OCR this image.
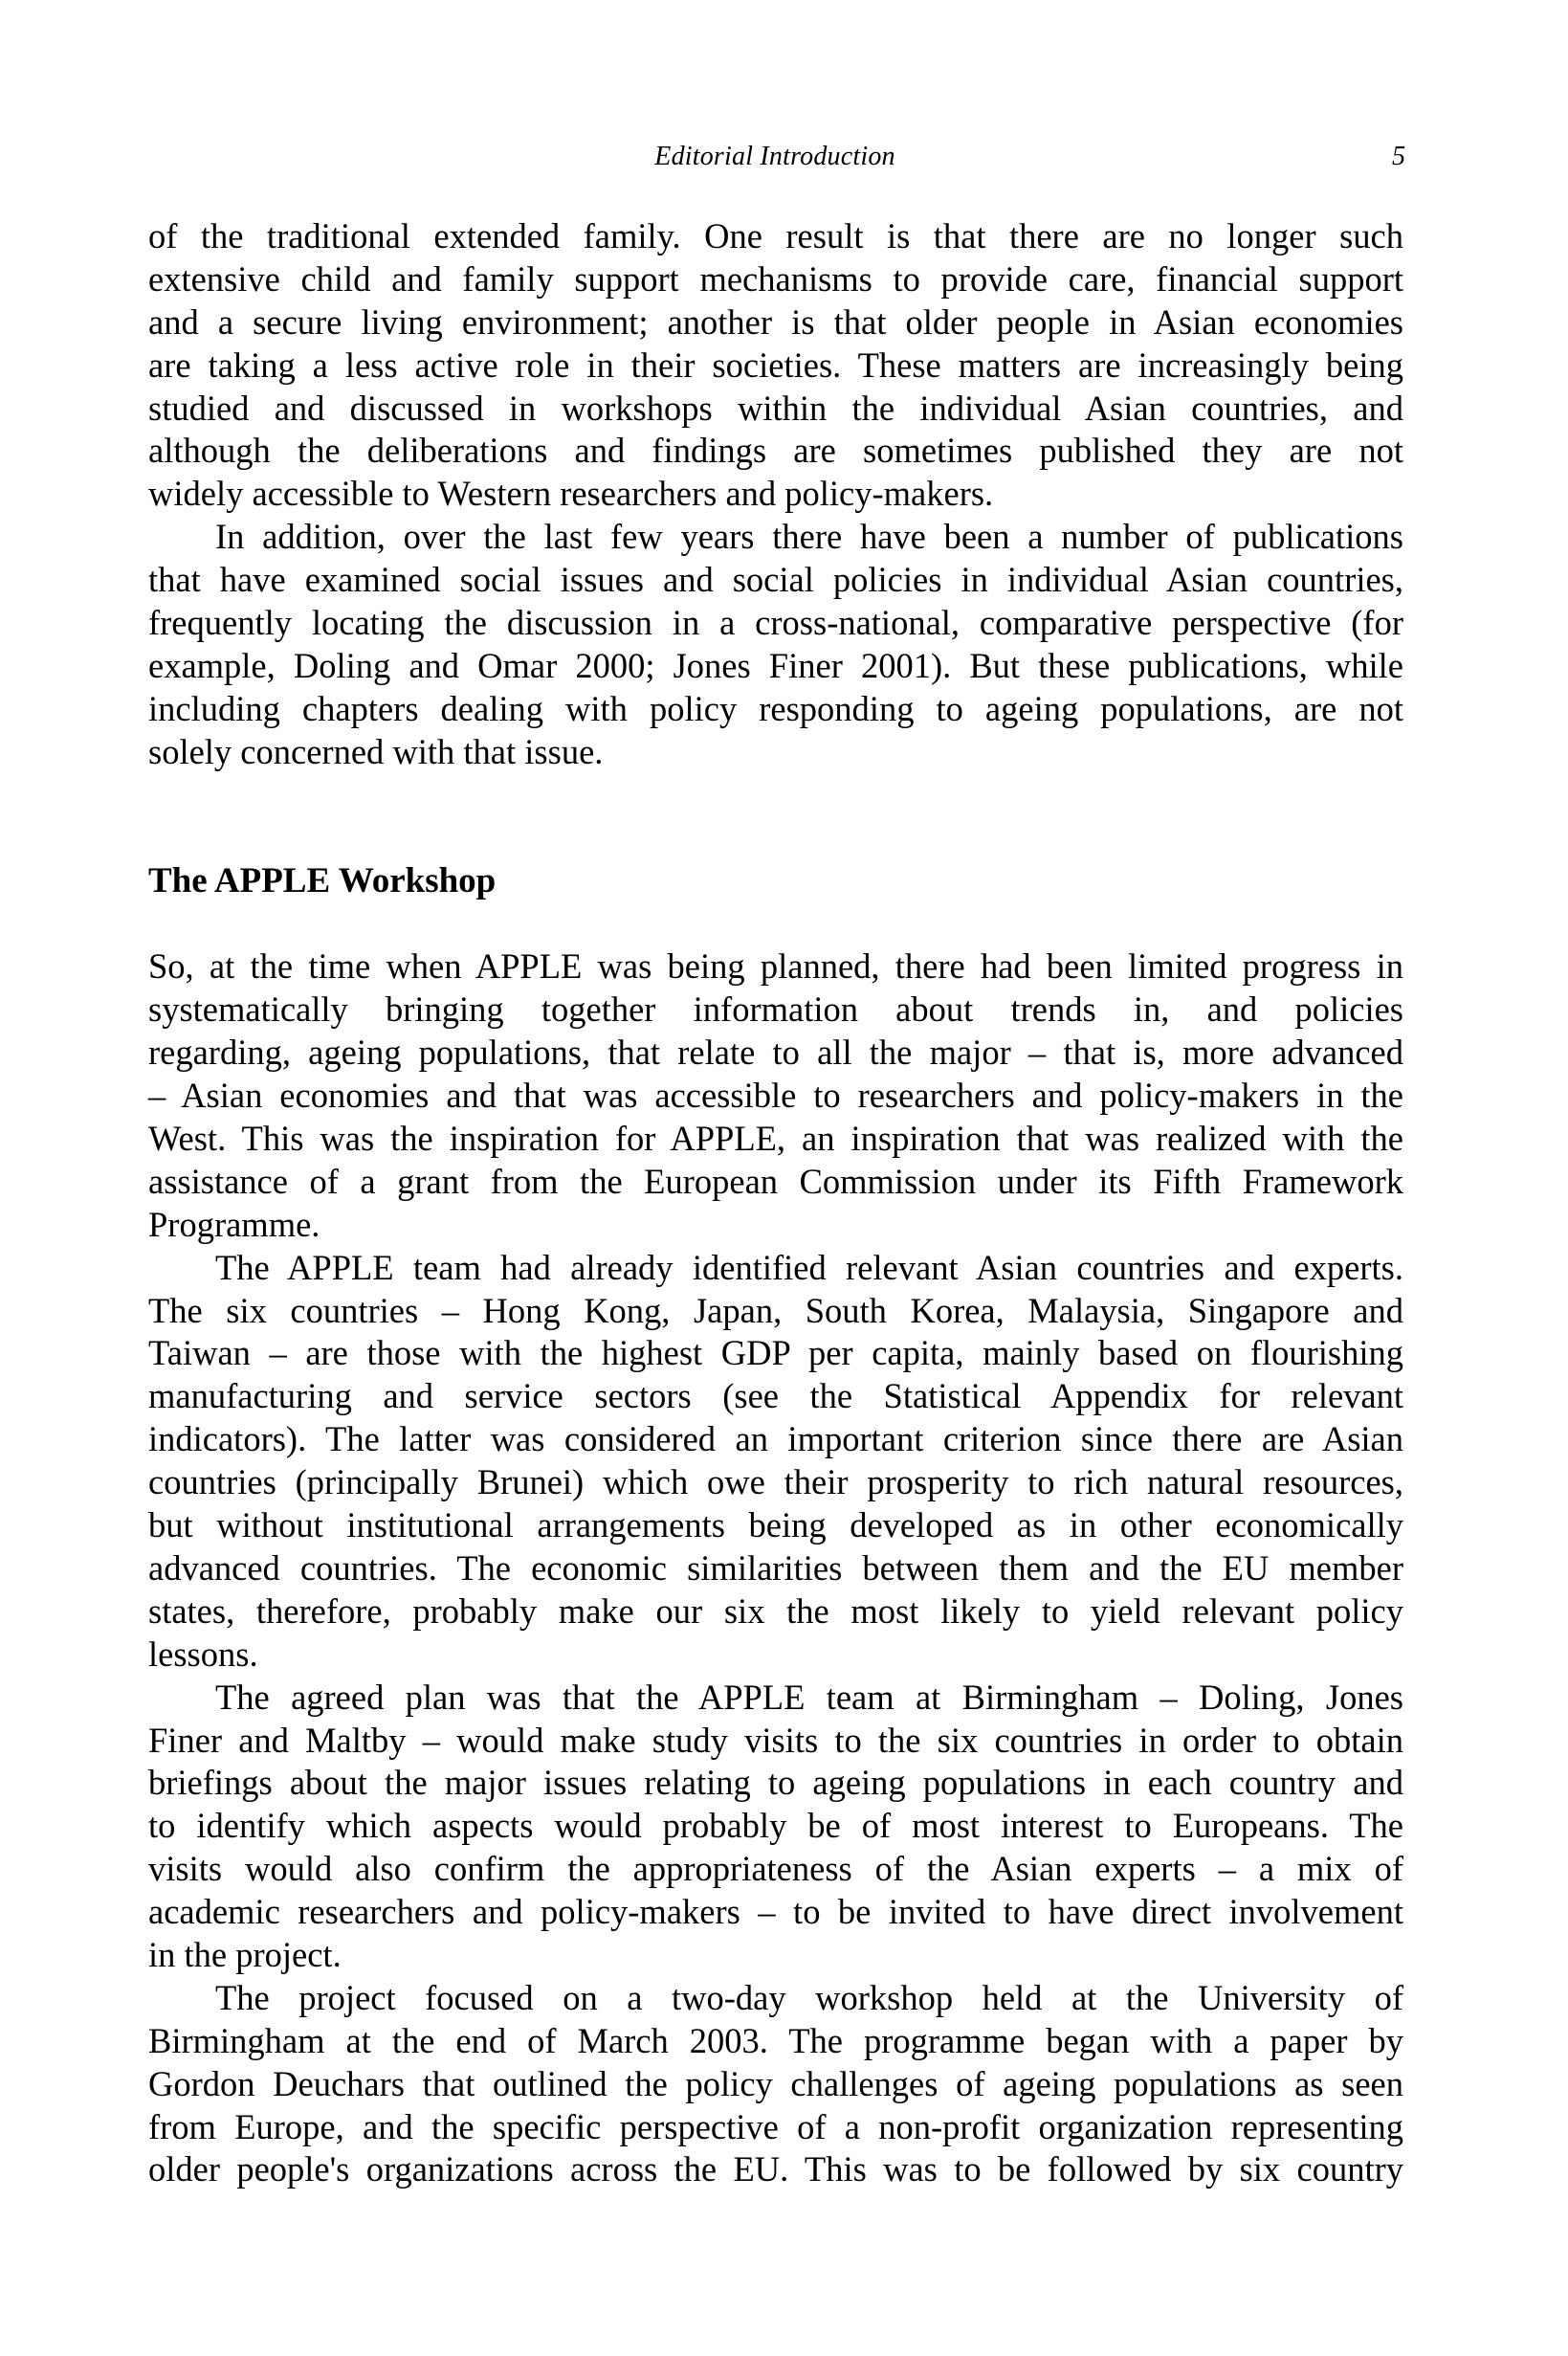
Editorial Introduction	5

of the traditional extended family. One result is that there are no longer such
extensive child and family support mechanisms to provide care, financial support
and a secure living environment; another is that older people in Asian economies
are taking a less active role in their societies. These matters are increasingly being
studied and discussed in workshops within the individual Asian countries, and
although the deliberations and findings are sometimes published they are not
widely accessible to Western researchers and policy-makers.

In addition, over the last few years there have been a number of publications
that have examined social issues and social policies in individual Asian countries,
frequently locating the discussion in a cross-national, comparative perspective (for
example, Doling and Omar 2000; Jones Finer 2001). But these publications, while
including chapters dealing with policy responding to ageing populations, are not
solely concerned with that issue.

The APPLE Workshop

So, at the time when APPLE was being planned, there had been limited progress in
systematically bringing together information about trends in, and policies
regarding, ageing populations, that relate to all the major – that is, more advanced
– Asian economies and that was accessible to researchers and policy-makers in the
West. This was the inspiration for APPLE, an inspiration that was realized with the
assistance of a grant from the European Commission under its Fifth Framework
Programme.

The APPLE team had already identified relevant Asian countries and experts.
The six countries – Hong Kong, Japan, South Korea, Malaysia, Singapore and
Taiwan – are those with the highest GDP per capita, mainly based on flourishing
manufacturing and service sectors (see the Statistical Appendix for relevant
indicators). The latter was considered an important criterion since there are Asian
countries (principally Brunei) which owe their prosperity to rich natural resources,
but without institutional arrangements being developed as in other economically
advanced countries. The economic similarities between them and the EU member
states, therefore, probably make our six the most likely to yield relevant policy
lessons.

The agreed plan was that the APPLE team at Birmingham – Doling, Jones
Finer and Maltby – would make study visits to the six countries in order to obtain
briefings about the major issues relating to ageing populations in each country and
to identify which aspects would probably be of most interest to Europeans. The
visits would also confirm the appropriateness of the Asian experts – a mix of
academic researchers and policy-makers – to be invited to have direct involvement
in the project.

The project focused on a two-day workshop held at the University of
Birmingham at the end of March 2003. The programme began with a paper by
Gordon Deuchars that outlined the policy challenges of ageing populations as seen
from Europe, and the specific perspective of a non-profit organization representing
older people's organizations across the EU. This was to be followed by six country
